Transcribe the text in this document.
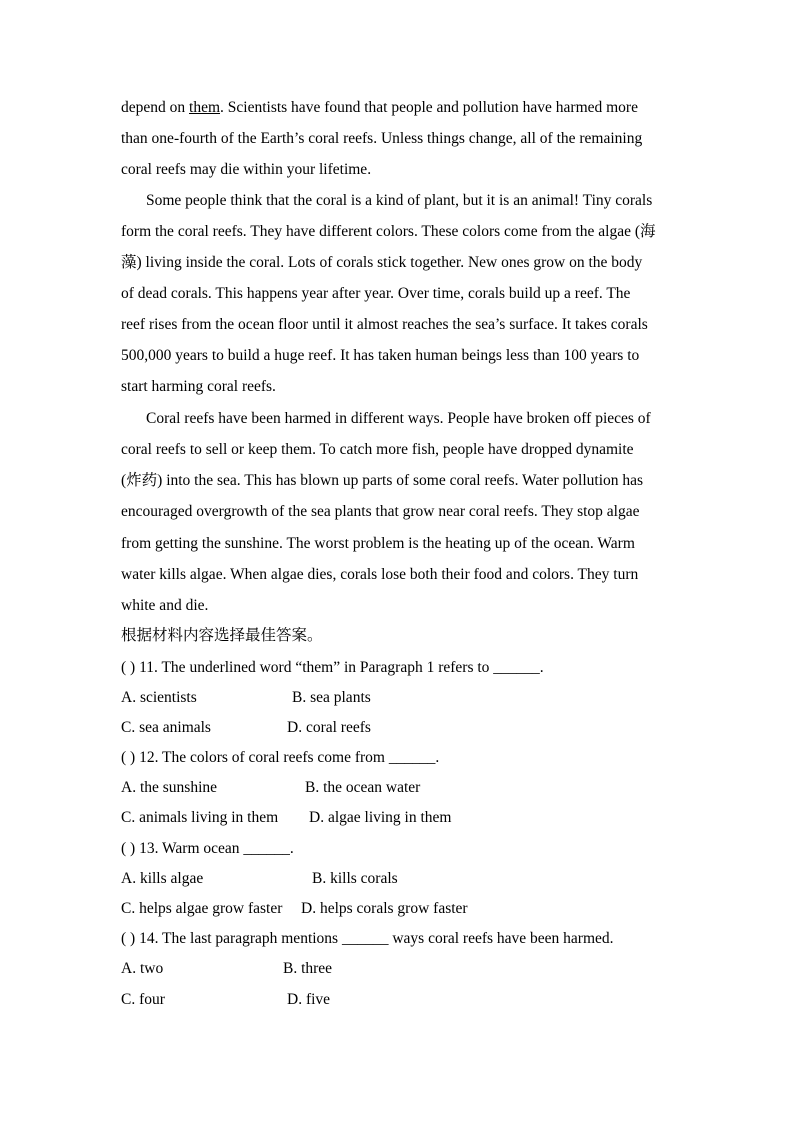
depend on them. Scientists have found that people and pollution have harmed more
than one-fourth of the Earth’s coral reefs. Unless things change, all of the remaining
coral reefs may die within your lifetime.
Some people think that the coral is a kind of plant, but it is an animal! Tiny corals
form the coral reefs. They have different colors. These colors come from the algae (海
藻) living inside the coral. Lots of corals stick together. New ones grow on the body
of dead corals. This happens year after year. Over time, corals build up a reef. The
reef rises from the ocean floor until it almost reaches the sea’s surface. It takes corals
500,000 years to build a huge reef. It has taken human beings less than 100 years to
start harming coral reefs.
Coral reefs have been harmed in different ways. People have broken off pieces of
coral reefs to sell or keep them. To catch more fish, people have dropped dynamite
(炸药) into the sea. This has blown up parts of some coral reefs. Water pollution has
encouraged overgrowth of the sea plants that grow near coral reefs. They stop algae
from getting the sunshine. The worst problem is the heating up of the ocean. Warm
water kills algae. When algae dies, corals lose both their food and colors. They turn
white and die.
根据材料内容选择最佳答案。
( ) 11. The underlined word “them” in Paragraph 1 refers to ______.
A. scientists	B. sea plants
C. sea animals	D. coral reefs
( ) 12. The colors of coral reefs come from ______.
A. the sunshine	B. the ocean water
C. animals living in them D. algae living in them
( ) 13. Warm ocean ______.
A. kills algae	B. kills corals
C. helps algae grow faster D. helps corals grow faster
( ) 14. The last paragraph mentions ______ ways coral reefs have been harmed.
A. two	B. three
C. four	D. five
